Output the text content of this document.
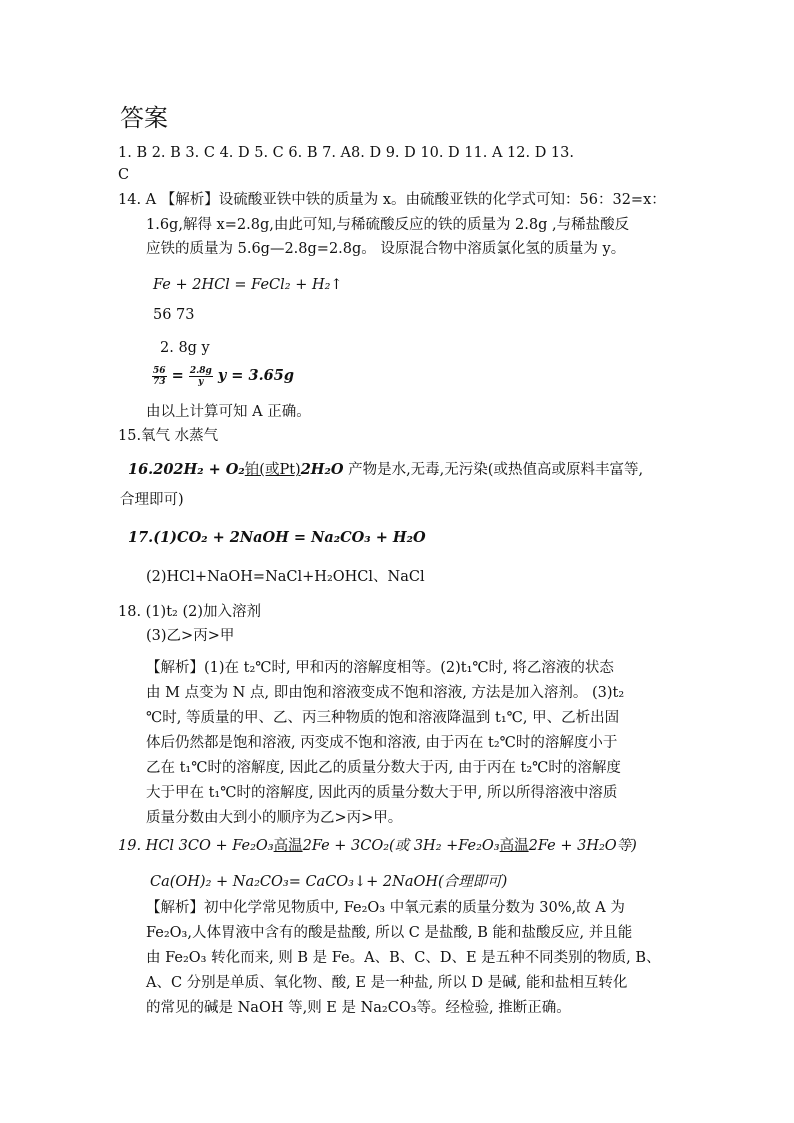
答案
1. B 2. B 3. C 4. D 5. C 6. B 7. A8. D 9. D 10. D 11. A 12. D 13.
C
14. A 【解析】设硫酸亚铁中铁的质量为 x。由硫酸亚铁的化学式可知：56：32=x：
1.6g,解得 x=2.8g,由此可知,与稀硫酸反应的铁的质量为 2.8g ,与稀盐酸反
应铁的质量为 5.6g—2.8g=2.8g。 设原混合物中溶质氯化氢的质量为 y。
Fe + 2HCl = FeCl₂ + H₂↑
56 73
2. 8g y
$\frac{56}{73} = \frac{2.8g}{y}$ y = 3.65g
由以上计算可知 A 正确。
15.氧气 水蒸气
16.202H₂ + O₂铂(或Pt)2H₂O 产物是水,无毒,无污染(或热值高或原料丰富等,
合理即可)
17.(1)CO₂ + 2NaOH = Na₂CO₃ + H₂O
(2)HCl+NaOH=NaCl+H₂OHCl、NaCl
18. (1)t₂ (2)加入溶剂
(3)乙>丙>甲
【解析】(1)在 t₂℃时, 甲和丙的溶解度相等。(2)t₁℃时, 将乙溶液的状态
由 M 点变为 N 点, 即由饱和溶液变成不饱和溶液, 方法是加入溶剂。 (3)t₂
℃时, 等质量的甲、乙、丙三种物质的饱和溶液降温到 t₁℃, 甲、乙析出固
体后仍然都是饱和溶液, 丙变成不饱和溶液, 由于丙在 t₂℃时的溶解度小于
乙在 t₁℃时的溶解度, 因此乙的质量分数大于丙, 由于丙在 t₂℃时的溶解度
大于甲在 t₁℃时的溶解度, 因此丙的质量分数大于甲, 所以所得溶液中溶质
质量分数由大到小的顺序为乙>丙>甲。
19. HCl 3CO + Fe₂O₃高温2Fe + 3CO₂(或 3H₂ +Fe₂O₃高温2Fe + 3H₂O等)
Ca(OH)₂ + Na₂CO₃= CaCO₃↓+ 2NaOH(合理即可)
【解析】初中化学常见物质中, Fe₂O₃ 中氧元素的质量分数为 30%,故 A 为
Fe₂O₃,人体胃液中含有的酸是盐酸, 所以 C 是盐酸, B 能和盐酸反应, 并且能
由 Fe₂O₃ 转化而来, 则 B 是 Fe。A、B、C、D、E 是五种不同类别的物质, B、
A、C 分别是单质、氧化物、酸, E 是一种盐, 所以 D 是碱, 能和盐相互转化
的常见的碱是 NaOH 等,则 E 是 Na₂CO₃等。经检验, 推断正确。
